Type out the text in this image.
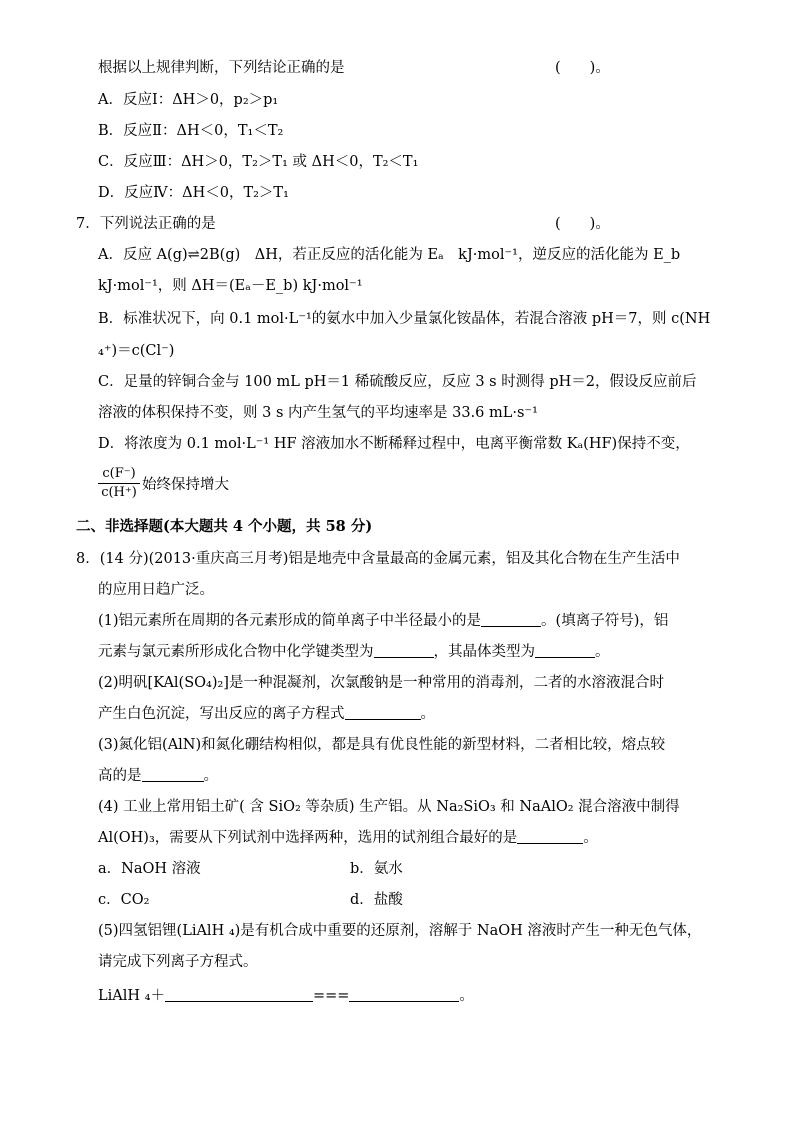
根据以上规律判断，下列结论正确的是	(　　)。
A．反应Ⅰ：ΔH＞0，p₂＞p₁
B．反应Ⅱ：ΔH＜0，T₁＜T₂
C．反应Ⅲ：ΔH＞0，T₂＞T₁ 或 ΔH＜0，T₂＜T₁
D．反应Ⅳ：ΔH＜0，T₂＞T₁
7．下列说法正确的是	(　　)。
A．反应 A(g)⇌2B(g)　ΔH，若正反应的活化能为 Eₐ　kJ·mol⁻¹，逆反应的活化能为 E_b
kJ·mol⁻¹，则 ΔH＝(Eₐ－E_b) kJ·mol⁻¹
B．标准状况下，向 0.1 mol·L⁻¹的氨水中加入少量氯化铵晶体，若混合溶液 pH＝7，则 c(NH
₄⁺)＝c(Cl⁻)
C．足量的锌铜合金与 100 mL pH＝1 稀硫酸反应，反应 3 s 时测得 pH＝2，假设反应前后
溶液的体积保持不变，则 3 s 内产生氢气的平均速率是 33.6 mL·s⁻¹
D．将浓度为 0.1 mol·L⁻¹ HF 溶液加水不断稀释过程中，电离平衡常数 Kₐ(HF)保持不变，
c(F⁻)
c(H⁺) 始终保持增大
二、非选择题(本大题共 4 个小题，共 58 分)
8．(14 分)(2013·重庆高三月考)铝是地壳中含量最高的金属元素，铝及其化合物在生产生活中
的应用日趋广泛。
(1)铝元素所在周期的各元素形成的简单离子中半径最小的是	。(填离子符号)，铝
元素与氯元素所形成化合物中化学键类型为	，其晶体类型为	。
(2)明矾[KAl(SO₄)₂]是一种混凝剂，次氯酸钠是一种常用的消毒剂，二者的水溶液混合时
产生白色沉淀，写出反应的离子方程式	。
(3)氮化铝(AlN)和氮化硼结构相似，都是具有优良性能的新型材料，二者相比较，熔点较
高的是	。
(4) 工业上常用铝土矿( 含 SiO₂ 等杂质) 生产铝。从 Na₂SiO₃ 和 NaAlO₂ 混合溶液中制得
Al(OH)₃，需要从下列试剂中选择两种，选用的试剂组合最好的是	。
a．NaOH 溶液	b．氨水
c．CO₂	d．盐酸
(5)四氢铝锂(LiAlH ₄)是有机合成中重要的还原剂，溶解于 NaOH 溶液时产生一种无色气体，
请完成下列离子方程式。
LiAlH ₄＋	===	。
